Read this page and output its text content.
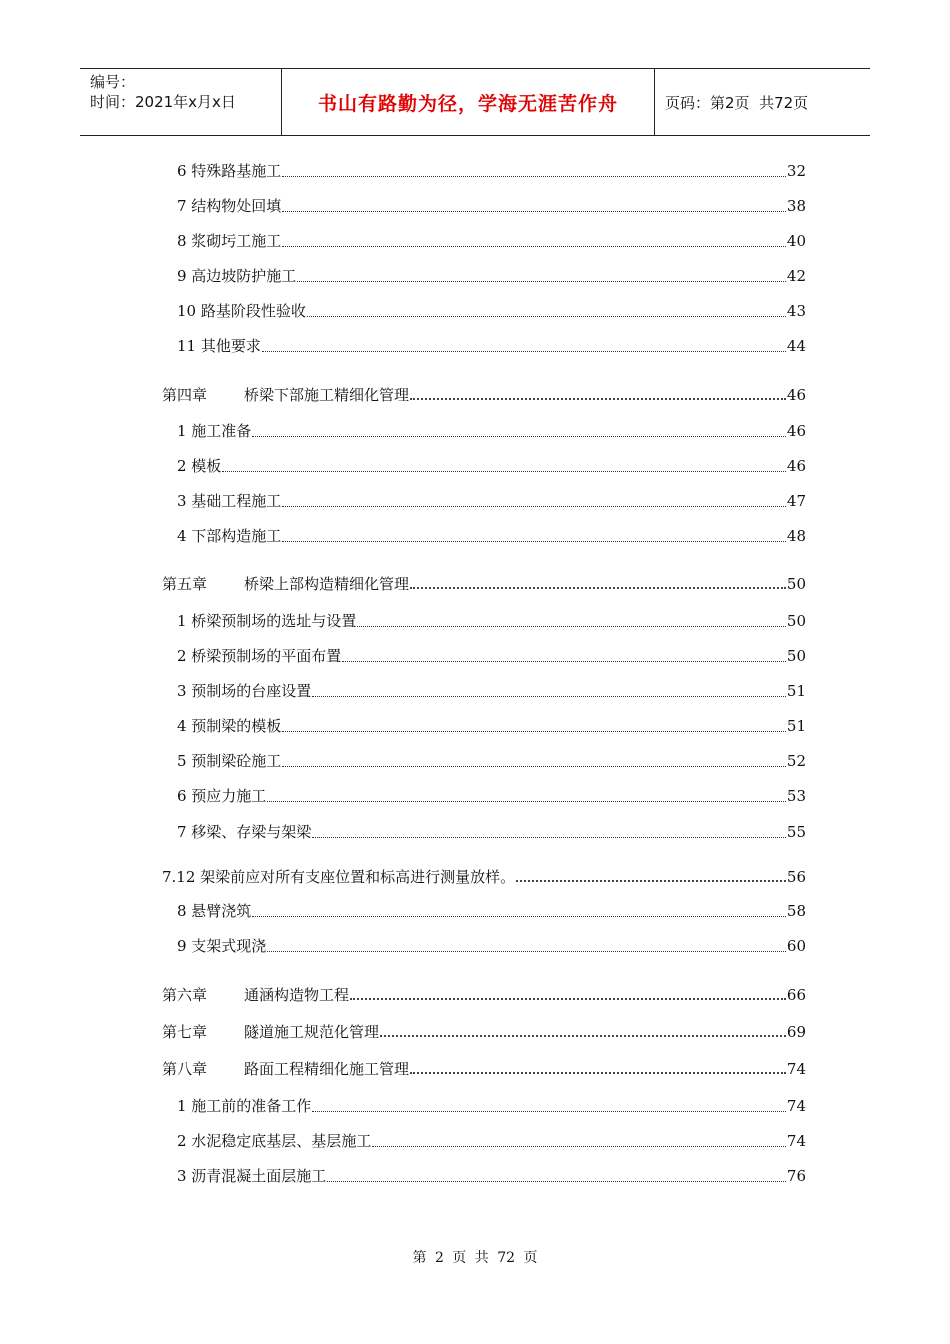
编号：
时间：2021年x月x日	书山有路勤为径，学海无涯苦作舟	页码：第2页  共72页
6 特殊路基施工	32
7 结构物处回填	38
8 浆砌圬工施工	40
9 高边坡防护施工	42
10 路基阶段性验收	43
11 其他要求	44
第四章 桥梁下部施工精细化管理	46
1 施工准备	46
2 模板	46
3 基础工程施工	47
4 下部构造施工	48
第五章 桥梁上部构造精细化管理	50
1 桥梁预制场的选址与设置	50
2 桥梁预制场的平面布置	50
3 预制场的台座设置	51
4 预制梁的模板	51
5 预制梁砼施工	52
6 预应力施工	53
7 移梁、存梁与架梁	55
7.12 架梁前应对所有支座位置和标高进行测量放样。	56
8 悬臂浇筑	58
9 支架式现浇	60
第六章 通涵构造物工程	66
第七章 隧道施工规范化管理	69
第八章 路面工程精细化施工管理	74
1 施工前的准备工作	74
2 水泥稳定底基层、基层施工	74
3 沥青混凝土面层施工	76
第 2 页 共 72 页
